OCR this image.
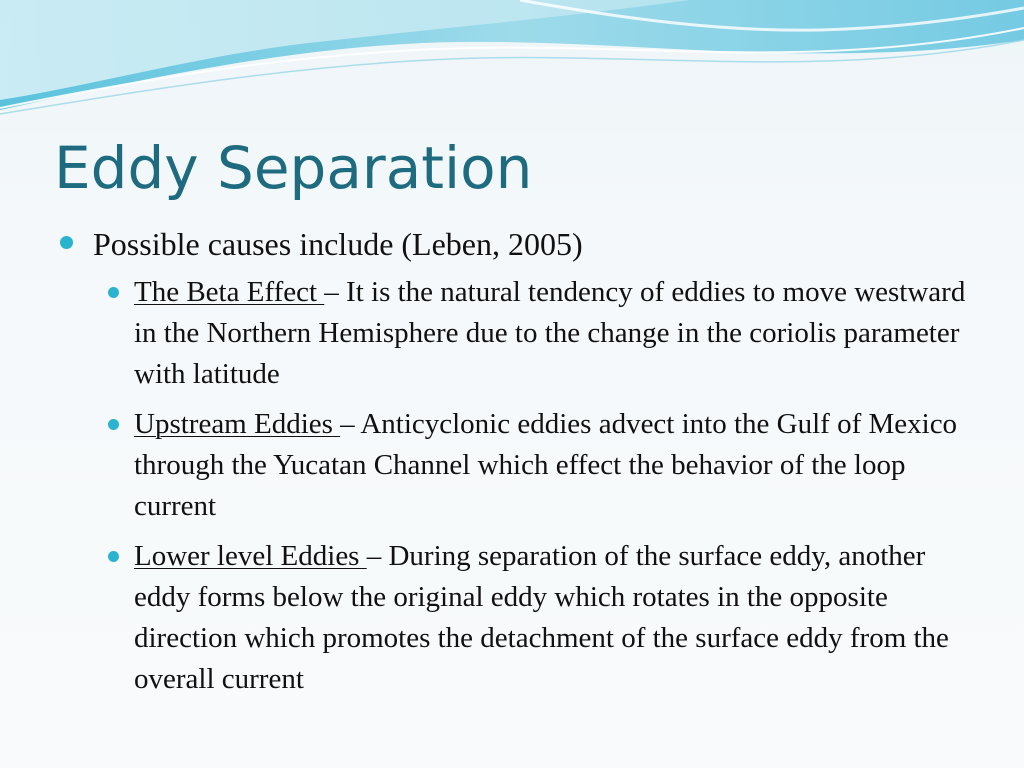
Eddy Separation
Possible causes include (Leben, 2005)
The Beta Effect – It is the natural tendency of eddies to move westward in the Northern Hemisphere due to the change in the coriolis parameter with latitude
Upstream Eddies – Anticyclonic eddies advect into the Gulf of Mexico through the Yucatan Channel which effect the behavior of the loop current
Lower level Eddies – During separation of the surface eddy, another eddy forms below the original eddy which rotates in the opposite direction which promotes the detachment of the surface eddy from the overall current
